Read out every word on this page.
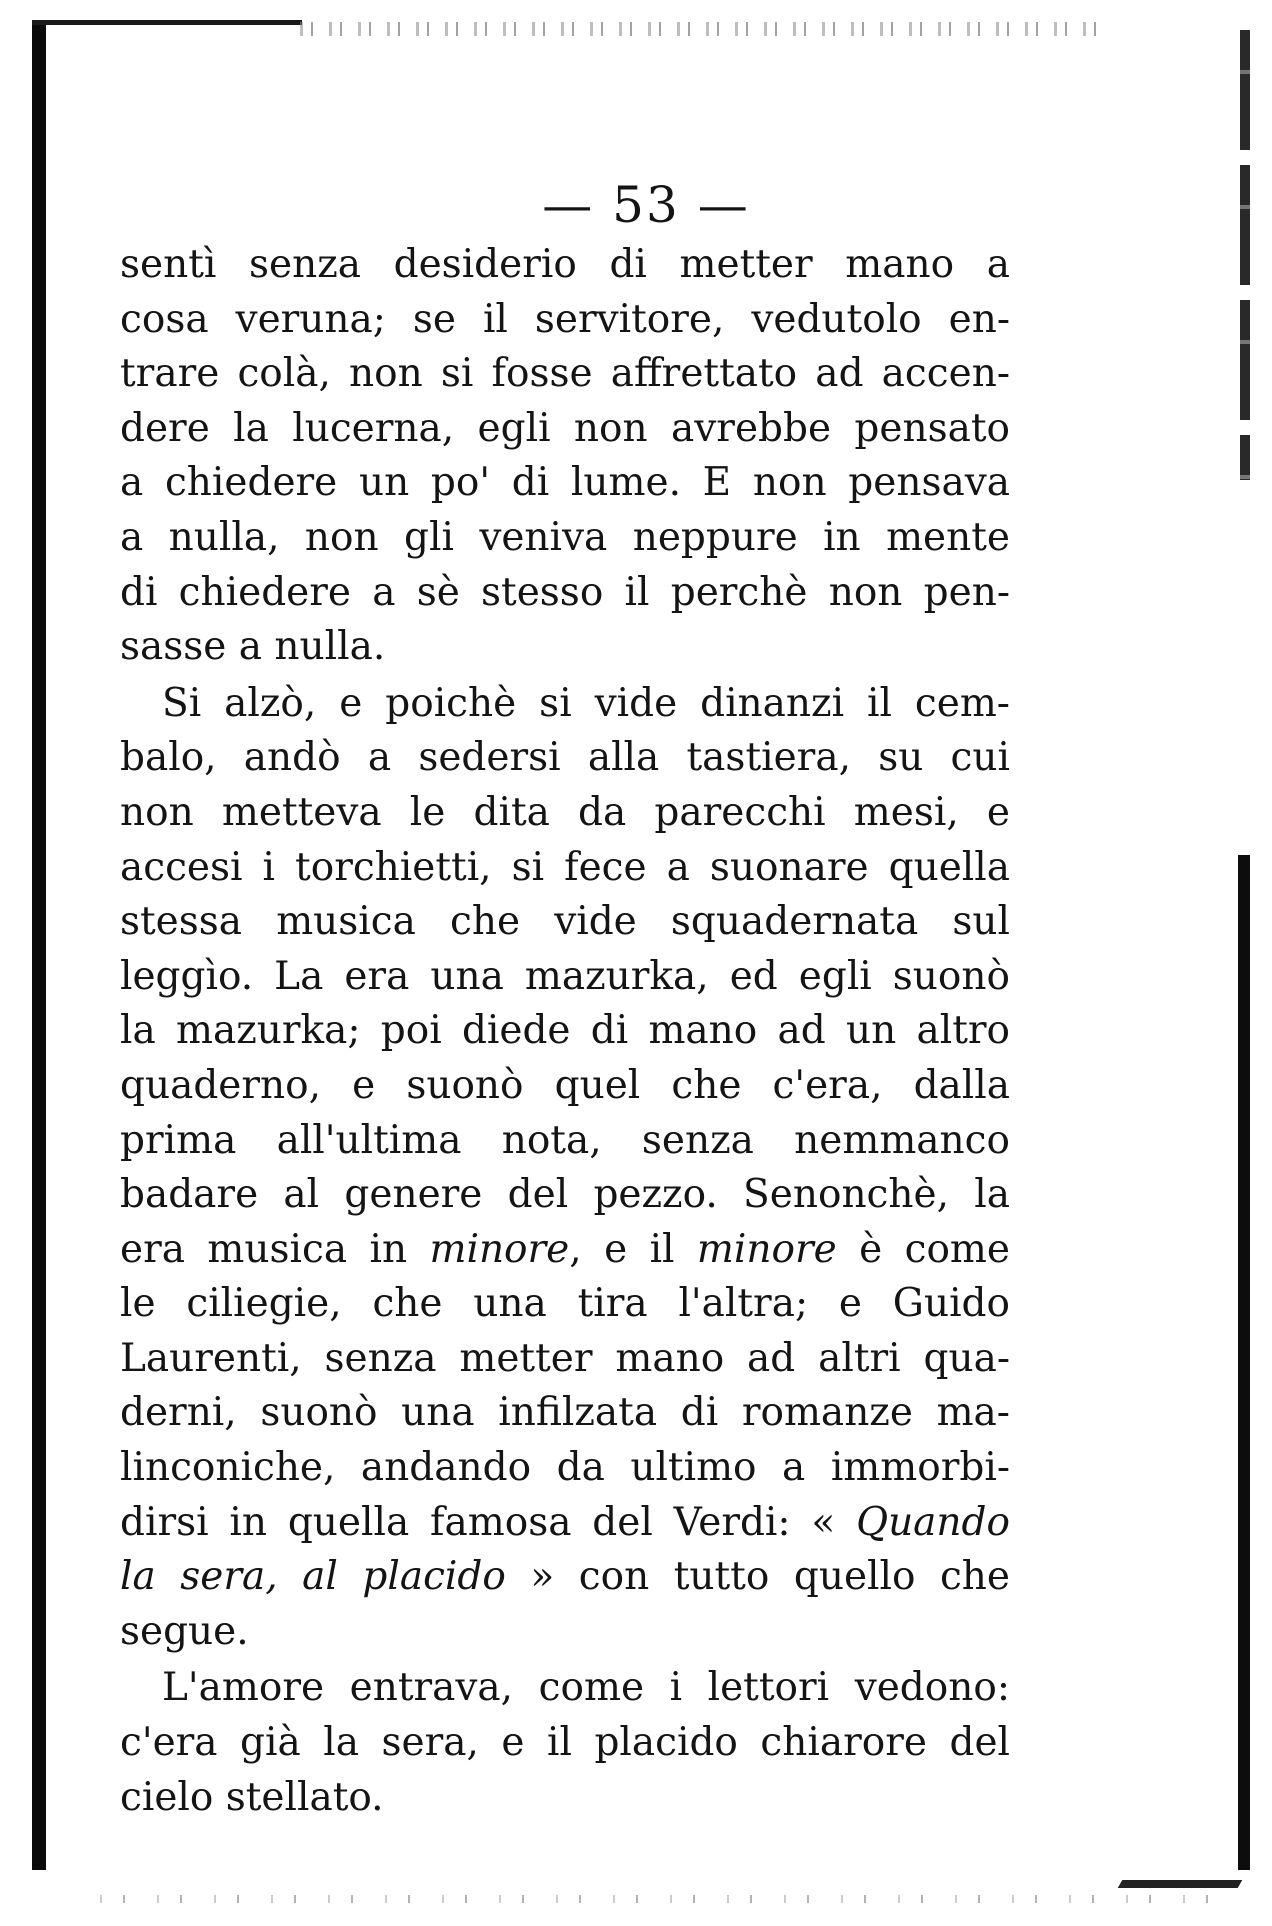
— 53 —
sentì senza desiderio di metter mano a
cosa veruna; se il servitore, vedutolo en-
trare colà, non si fosse affrettato ad accen-
dere la lucerna, egli non avrebbe pensato
a chiedere un po' di lume. E non pensava
a nulla, non gli veniva neppure in mente
di chiedere a sè stesso il perchè non pen-
sasse a nulla.
Si alzò, e poichè si vide dinanzi il cem-
balo, andò a sedersi alla tastiera, su cui
non metteva le dita da parecchi mesi, e
accesi i torchietti, si fece a suonare quella
stessa musica che vide squadernata sul
leggìo. La era una mazurka, ed egli suonò
la mazurka; poi diede di mano ad un altro
quaderno, e suonò quel che c'era, dalla
prima all'ultima nota, senza nemmanco
badare al genere del pezzo. Senonchè, la
era musica in minore, e il minore è come
le ciliegie, che una tira l'altra; e Guido
Laurenti, senza metter mano ad altri qua-
derni, suonò una infilzata di romanze ma-
linconiche, andando da ultimo a immorbi-
dirsi in quella famosa del Verdi: « Quando
la sera, al placido » con tutto quello che
segue.
L'amore entrava, come i lettori vedono:
c'era già la sera, e il placido chiarore del
cielo stellato.
